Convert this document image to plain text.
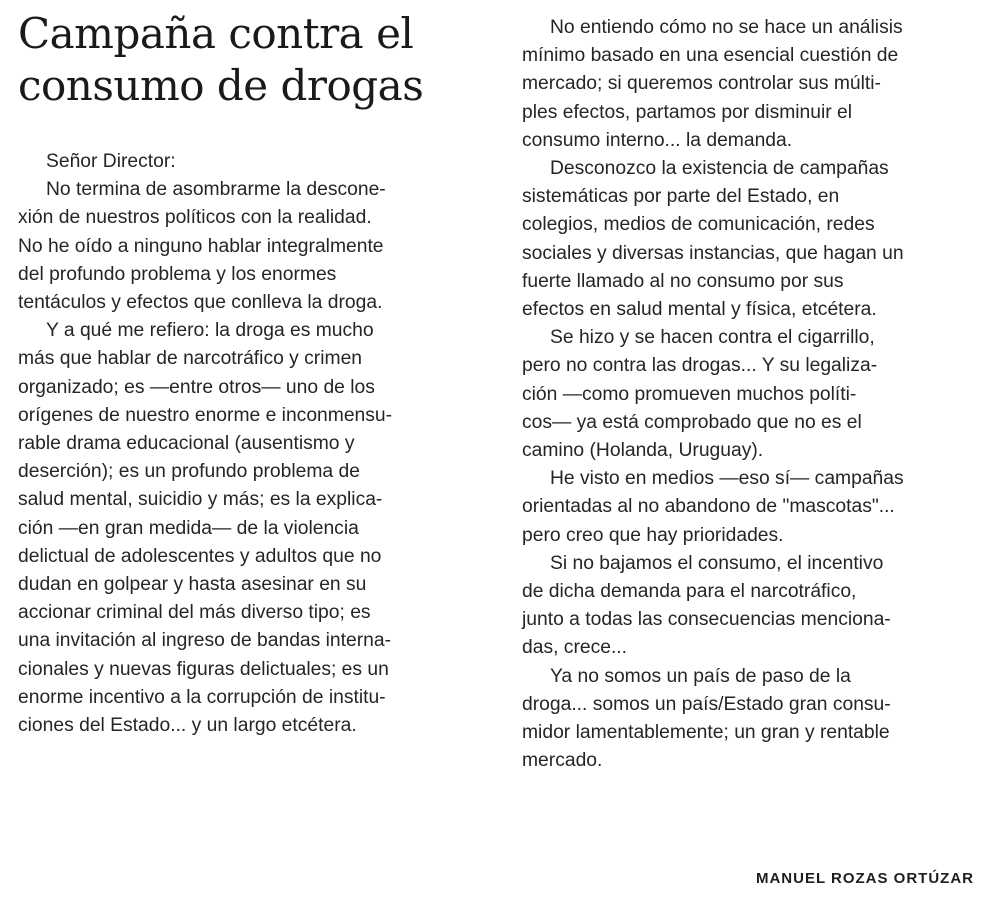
Campaña contra el
consumo de drogas

Señor Director:
No termina de asombrarme la descone-
xión de nuestros políticos con la realidad.
No he oído a ninguno hablar integralmente
del profundo problema y los enormes
tentáculos y efectos que conlleva la droga.
Y a qué me refiero: la droga es mucho
más que hablar de narcotráfico y crimen
organizado; es —entre otros— uno de los
orígenes de nuestro enorme e inconmensu-
rable drama educacional (ausentismo y
deserción); es un profundo problema de
salud mental, suicidio y más; es la explica-
ción —en gran medida— de la violencia
delictual de adolescentes y adultos que no
dudan en golpear y hasta asesinar en su
accionar criminal del más diverso tipo; es
una invitación al ingreso de bandas interna-
cionales y nuevas figuras delictuales; es un
enorme incentivo a la corrupción de institu-
ciones del Estado... y un largo etcétera.

No entiendo cómo no se hace un análisis
mínimo basado en una esencial cuestión de
mercado; si queremos controlar sus múlti-
ples efectos, partamos por disminuir el
consumo interno... la demanda.
Desconozco la existencia de campañas
sistemáticas por parte del Estado, en
colegios, medios de comunicación, redes
sociales y diversas instancias, que hagan un
fuerte llamado al no consumo por sus
efectos en salud mental y física, etcétera.
Se hizo y se hacen contra el cigarrillo,
pero no contra las drogas... Y su legaliza-
ción —como promueven muchos políti-
cos— ya está comprobado que no es el
camino (Holanda, Uruguay).
He visto en medios —eso sí— campañas
orientadas al no abandono de "mascotas"...
pero creo que hay prioridades.
Si no bajamos el consumo, el incentivo
de dicha demanda para el narcotráfico,
junto a todas las consecuencias menciona-
das, crece...
Ya no somos un país de paso de la
droga... somos un país/Estado gran consu-
midor lamentablemente; un gran y rentable
mercado.

MANUEL ROZAS ORTÚZAR
